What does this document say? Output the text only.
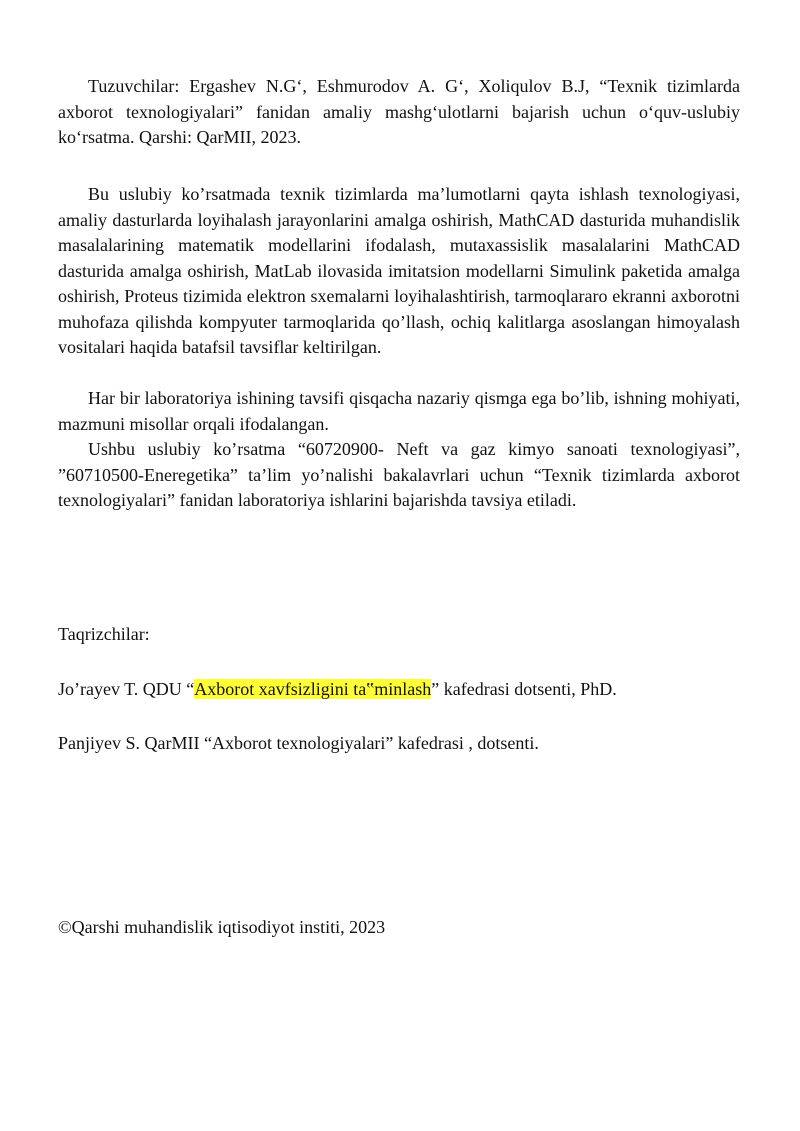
Tuzuvchilar: Ergashev N.G‘, Eshmurodov A. G‘, Xoliqulov B.J, “Texnik tizimlarda axborot texnologiyalari” fanidan amaliy mashg‘ulotlarni bajarish uchun o‘quv-uslubiy ko‘rsatma. Qarshi: QarMII, 2023.

Bu uslubiy ko’rsatmada texnik tizimlarda ma’lumotlarni qayta ishlash texnologiyasi, amaliy dasturlarda loyihalash jarayonlarini amalga oshirish, MathCAD dasturida muhandislik masalalarining matematik modellarini ifodalash, mutaxassislik masalalarini MathCAD dasturida amalga oshirish, MatLab ilovasida imitatsion modellarni Simulink paketida amalga oshirish, Proteus tizimida elektron sxemalarni loyihalashtirish, tarmoqlararo ekranni axborotni muhofaza qilishda kompyuter tarmoqlarida qo’llash, ochiq kalitlarga asoslangan himoyalash vositalari haqida batafsil tavsiflar keltirilgan.

Har bir laboratoriya ishining tavsifi qisqacha nazariy qismga ega bo’lib, ishning mohiyati, mazmuni misollar orqali ifodalangan.

Ushbu uslubiy ko’rsatma “60720900- Neft va gaz kimyo sanoati texnologiyasi”, ”60710500-Eneregetika” ta’lim yo’nalishi bakalavrlari uchun “Texnik tizimlarda axborot texnologiyalari” fanidan laboratoriya ishlarini bajarishda tavsiya etiladi.

Taqrizchilar:

Jo’rayev T. QDU “Axborot xavfsizligini ta‟minlash” kafedrasi dotsenti, PhD.

Panjiyev S. QarMII “Axborot texnologiyalari” kafedrasi , dotsenti.

©Qarshi muhandislik iqtisodiyot institi, 2023
